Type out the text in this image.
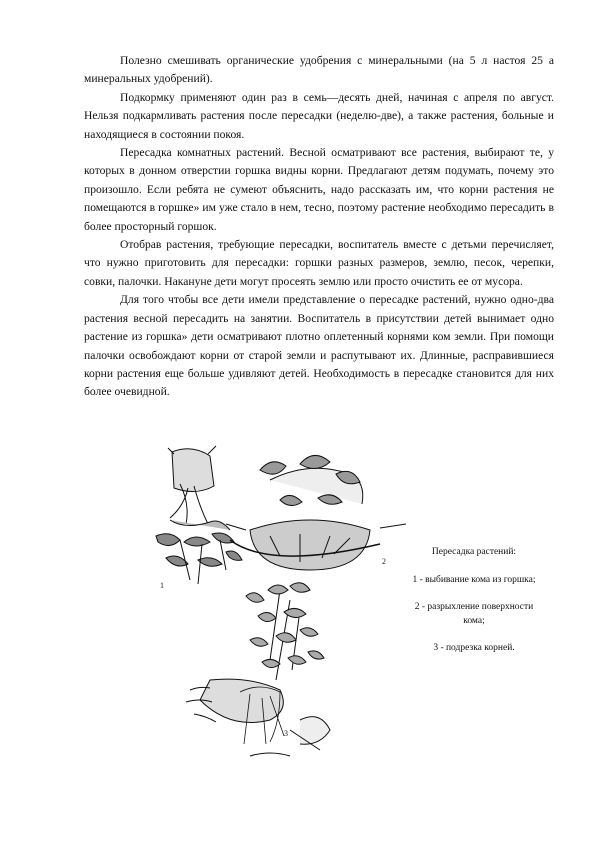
Полезно смешивать органические удобрения с минеральными (на 5 л настоя 25 а минеральных удобрений).

Подкормку применяют один раз в семь—десять дней, начиная с апреля по август. Нельзя подкармливать растения после пересадки (неделю-две), а также растения, больные и находящиеся в состоянии покоя.

Пересадка комнатных растений. Весной осматривают все растения, выбирают те, у которых в донном отверстии горшка видны корни. Предлагают детям подумать, почему это произошло. Если ребята не сумеют объяснить, надо рассказать им, что корни растения не помещаются в горшке» им уже стало в нем, тесно, поэтому растение необходимо пересадить в более просторный горшок.

Отобрав растения, требующие пересадки, воспитатель вместе с детьми перечисляет, что нужно приготовить для пересадки: горшки разных размеров, землю, песок, черепки, совки, палочки. Накануне дети могут просеять землю или просто очистить ее от мусора.

Для того чтобы все дети имели представление о пересадке растений, нужно одно-два растения весной пересадить на занятии. Воспитатель в присутствии детей вынимает одно растение из горшка» дети осматривают плотно оплетенный корнями ком земли. При помощи палочки освобождают корни от старой земли и распутывают их. Длинные, расправившиеся корни растения еще больше удивляют детей. Необходимость в пересадке становится для них более очевидной.

1
2
3
Пересадка растений:
1 - выбивание кома из горшка;
2 - разрыхление поверхности кома;
3 - подрезка корней.
